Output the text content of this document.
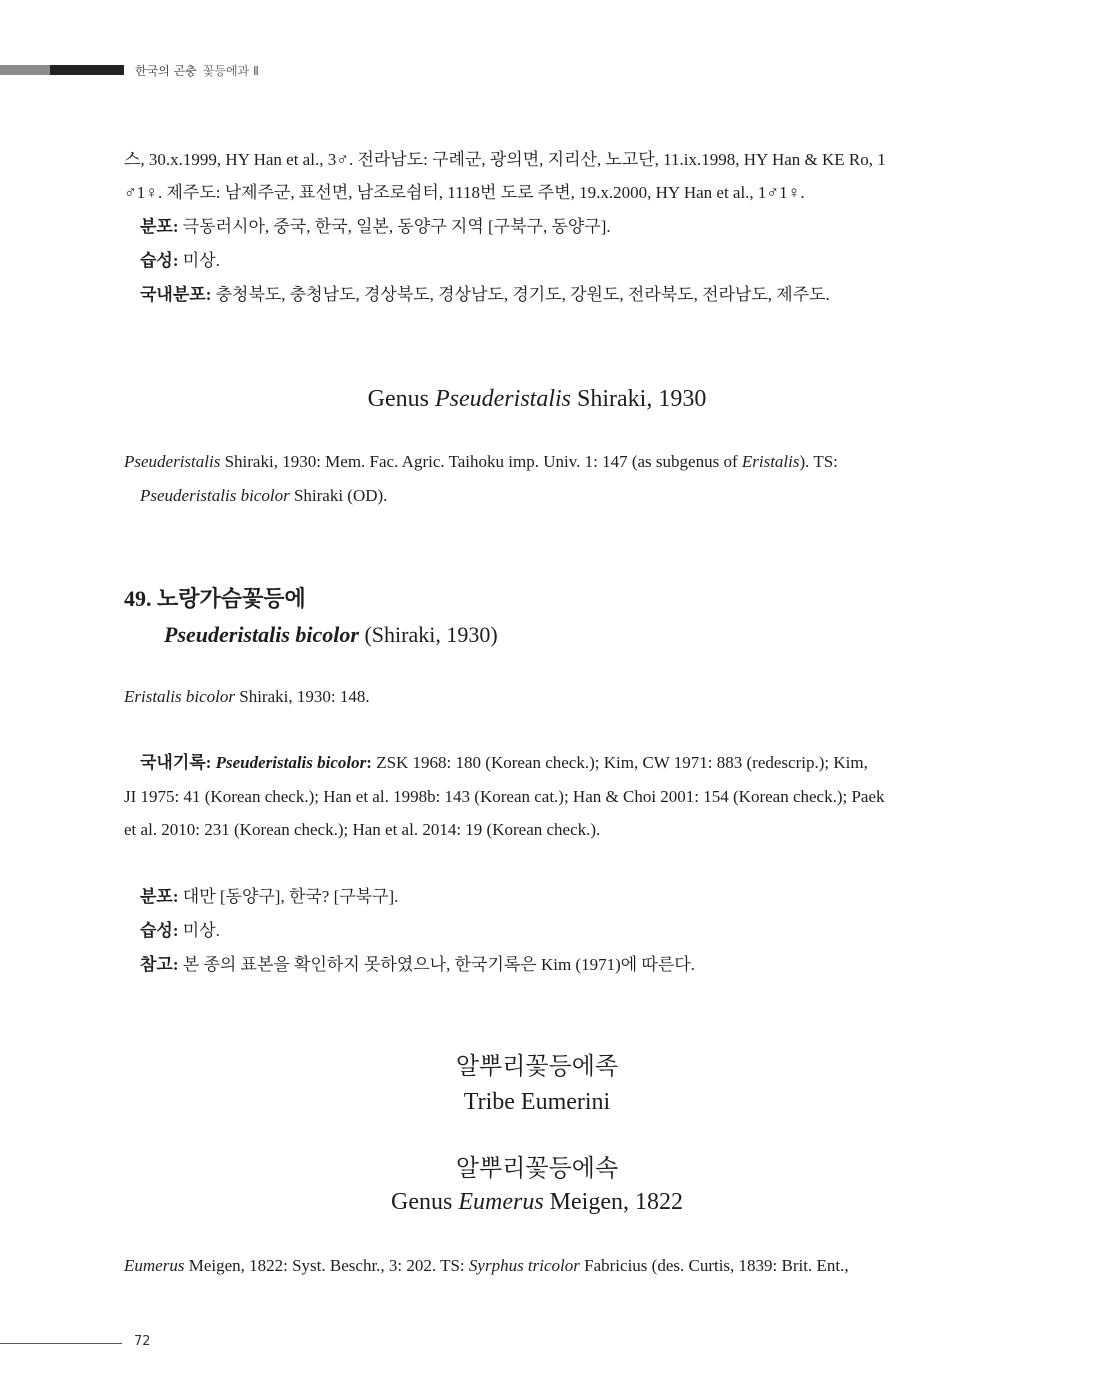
한국의 곤충 꽃등에과 Ⅱ
스, 30.x.1999, HY Han et al., 3♂. 전라남도: 구례군, 광의면, 지리산, 노고단, 11.ix.1998, HY Han & KE Ro, 1
♂1♀. 제주도: 남제주군, 표선면, 남조로쉼터, 1118번 도로 주변, 19.x.2000, HY Han et al., 1♂1♀.
분포: 극동러시아, 중국, 한국, 일본, 동양구 지역 [구북구, 동양구].
습성: 미상.
국내분포: 충청북도, 충청남도, 경상북도, 경상남도, 경기도, 강원도, 전라북도, 전라남도, 제주도.
Genus Pseuderistalis Shiraki, 1930
Pseuderistalis Shiraki, 1930: Mem. Fac. Agric. Taihoku imp. Univ. 1: 147 (as subgenus of Eristalis). TS:
Pseuderistalis bicolor Shiraki (OD).
49. 노랑가슴꽃등에
Pseuderistalis bicolor (Shiraki, 1930)
Eristalis bicolor Shiraki, 1930: 148.
국내기록: Pseuderistalis bicolor: ZSK 1968: 180 (Korean check.); Kim, CW 1971: 883 (redescrip.); Kim,
JI 1975: 41 (Korean check.); Han et al. 1998b: 143 (Korean cat.); Han & Choi 2001: 154 (Korean check.); Paek
et al. 2010: 231 (Korean check.); Han et al. 2014: 19 (Korean check.).
분포: 대만 [동양구], 한국? [구북구].
습성: 미상.
참고: 본 종의 표본을 확인하지 못하였으나, 한국기록은 Kim (1971)에 따른다.
알뿌리꽃등에족
Tribe Eumerini
알뿌리꽃등에속
Genus Eumerus Meigen, 1822
Eumerus Meigen, 1822: Syst. Beschr., 3: 202. TS: Syrphus tricolor Fabricius (des. Curtis, 1839: Brit. Ent.,
72
